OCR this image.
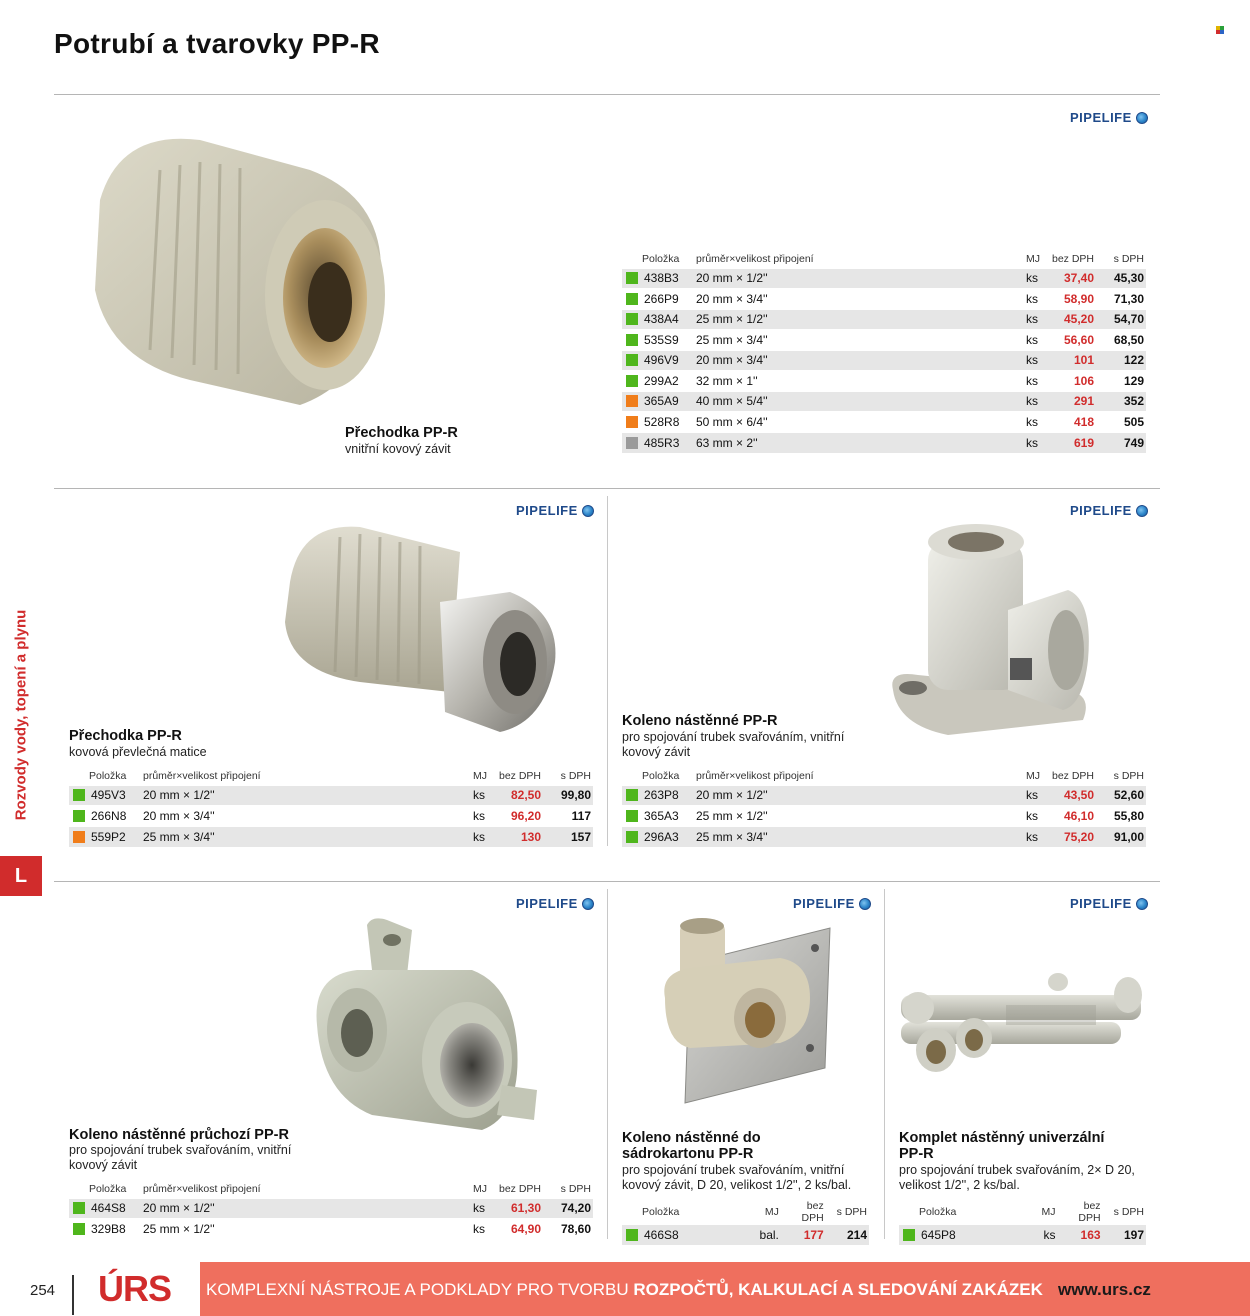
Potrubí a tvarovky PP-R
Rozvody vody, topení a plynu
L
PIPELIFE
PIPELIFE	PIPELIFE
PIPELIFE	PIPELIFE	PIPELIFE
Přechodka PP-R
vnitřní kovový závit
Položka	průměr×velikost připojení	MJ	bez DPH	s DPH
438B3	20 mm × 1/2''	ks	37,40	45,30
266P9	20 mm × 3/4''	ks	58,90	71,30
438A4	25 mm × 1/2''	ks	45,20	54,70
535S9	25 mm × 3/4''	ks	56,60	68,50
496V9	20 mm × 3/4''	ks	101	122
299A2	32 mm × 1''	ks	106	129
365A9	40 mm × 5/4''	ks	291	352
528R8	50 mm × 6/4''	ks	418	505
485R3	63 mm × 2''	ks	619	749
Přechodka PP-R
kovová převlečná matice
Položka	průměr×velikost připojení	MJ	bez DPH	s DPH
495V3	20 mm × 1/2''	ks	82,50	99,80
266N8	20 mm × 3/4''	ks	96,20	117
559P2	25 mm × 3/4''	ks	130	157
Koleno nástěnné PP-R
pro spojování trubek svařováním, vnitřní kovový závit
Položka	průměr×velikost připojení	MJ	bez DPH	s DPH
263P8	20 mm × 1/2''	ks	43,50	52,60
365A3	25 mm × 1/2''	ks	46,10	55,80
296A3	25 mm × 3/4''	ks	75,20	91,00
Koleno nástěnné průchozí PP-R
pro spojování trubek svařováním, vnitřní kovový závit
Položka	průměr×velikost připojení	MJ	bez DPH	s DPH
464S8	20 mm × 1/2''	ks	61,30	74,20
329B8	25 mm × 1/2''	ks	64,90	78,60
Koleno nástěnné do sádrokartonu PP-R
pro spojování trubek svařováním, vnitřní kovový závit, D 20, velikost 1/2'', 2 ks/bal.
Položka	MJ	bez DPH	s DPH
466S8	bal.	177	214
Komplet nástěnný univerzální PP-R
pro spojování trubek svařováním, 2× D 20, velikost 1/2'', 2 ks/bal.
Položka	MJ	bez DPH	s DPH
645P8	ks	163	197
254 ÚRS KOMPLEXNÍ NÁSTROJE A PODKLADY PRO TVORBU ROZPOČTŮ, KALKULACÍ A SLEDOVÁNÍ ZAKÁZEK www.urs.cz
